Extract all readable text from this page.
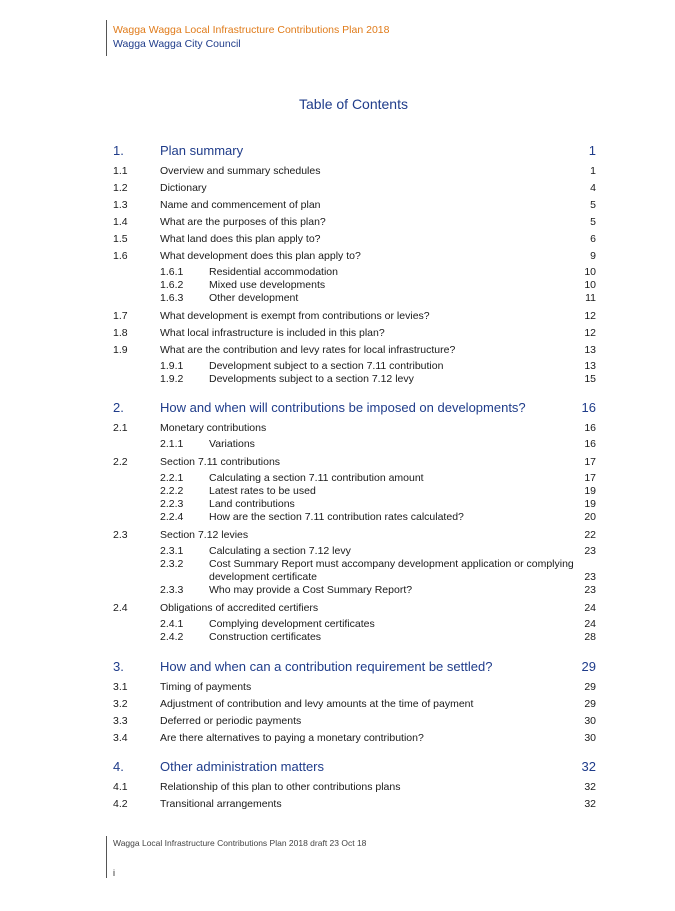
Wagga Wagga Local Infrastructure Contributions Plan 2018
Wagga Wagga City Council
Table of Contents
1.	Plan summary	1
1.1	Overview and summary schedules	1
1.2	Dictionary	4
1.3	Name and commencement of plan	5
1.4	What are the purposes of this plan?	5
1.5	What land does this plan apply to?	6
1.6	What development does this plan apply to?	9
1.6.1 Residential accommodation	10
1.6.2 Mixed use developments	10
1.6.3 Other development	11
1.7	What development is exempt from contributions or levies?	12
1.8	What local infrastructure is included in this plan?	12
1.9	What are the contribution and levy rates for local infrastructure?	13
1.9.1 Development subject to a section 7.11 contribution	13
1.9.2 Developments subject to a section 7.12 levy	15
2.	How and when will contributions be imposed on developments?	16
2.1	Monetary contributions	16
2.1.1 Variations	16
2.2	Section 7.11 contributions	17
2.2.1 Calculating a section 7.11 contribution amount	17
2.2.2 Latest rates to be used	19
2.2.3 Land contributions	19
2.2.4 How are the section 7.11 contribution rates calculated?	20
2.3	Section 7.12 levies	22
2.3.1 Calculating a section 7.12 levy	23
2.3.2 Cost Summary Report must accompany development application or complying
development certificate	23
2.3.3 Who may provide a Cost Summary Report?	23
2.4	Obligations of accredited certifiers	24
2.4.1 Complying development certificates	24
2.4.2 Construction certificates	28
3.	How and when can a contribution requirement be settled?	29
3.1	Timing of payments	29
3.2	Adjustment of contribution and levy amounts at the time of payment	29
3.3	Deferred or periodic payments	30
3.4	Are there alternatives to paying a monetary contribution?	30
4.	Other administration matters	32
4.1	Relationship of this plan to other contributions plans	32
4.2	Transitional arrangements	32
Wagga Local Infrastructure Contributions Plan 2018 draft 23 Oct 18
i
